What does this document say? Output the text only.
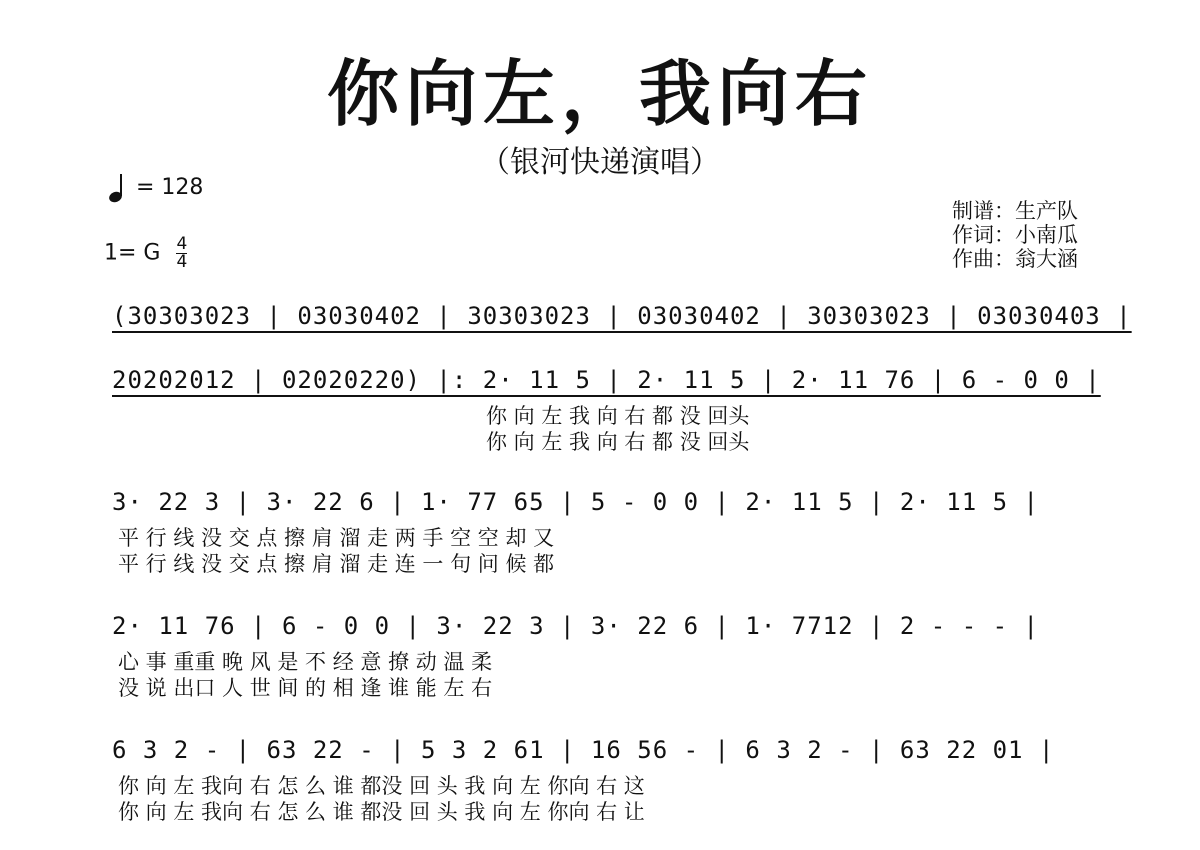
你向左，我向右
（银河快递演唱）
= 128
1= G $\frac{4}{4}$
制谱：生产队
作词：小南瓜
作曲：翁大涵
(30303023 | 03030402 | 30303023 | 03030402 | 30303023 | 03030403 |
20202012 | 02020220) |: 2· 11 5 | 2· 11 5 | 2· 11 76 | 6 - 0 0 |
你 向 左 我 向 右 都 没 回头
你 向 左 我 向 右 都 没 回头
3· 22 3 | 3· 22 6 | 1· 77 65 | 5 - 0 0 | 2· 11 5 | 2· 11 5 |
平 行 线 没 交 点 擦 肩 溜 走 两 手 空 空 却 又
平 行 线 没 交 点 擦 肩 溜 走 连 一 句 问 候 都
2· 11 76 | 6 - 0 0 | 3· 22 3 | 3· 22 6 | 1· 7712 | 2 - - - |
心 事 重重 晚 风 是 不 经 意 撩 动 温 柔
没 说 出口 人 世 间 的 相 逢 谁 能 左 右
6 3 2 - | 63 22 - | 5 3 2 61 | 16 56 - | 6 3 2 - | 63 22 01 |
你 向 左 我向 右 怎 么 谁 都没 回 头 我 向 左 你向 右 这
你 向 左 我向 右 怎 么 谁 都没 回 头 我 向 左 你向 右 让
